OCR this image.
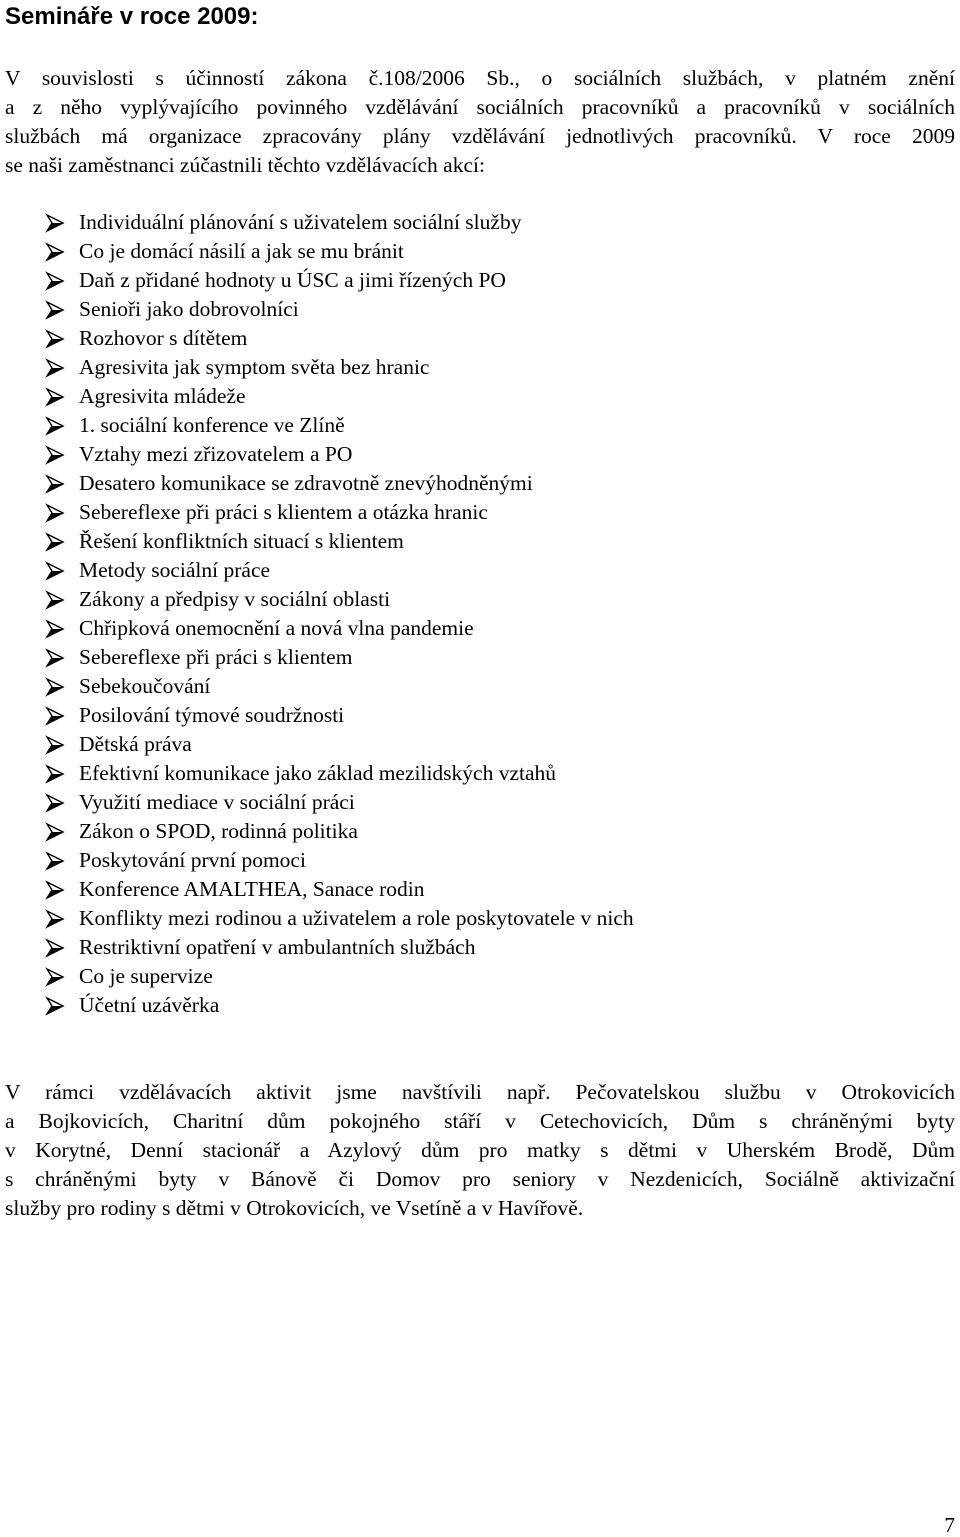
Semináře v roce 2009:

V souvislosti s účinností zákona č.108/2006 Sb., o sociálních službách, v platném znění
a z něho vyplývajícího povinného vzdělávání sociálních pracovníků a pracovníků v sociálních
službách má organizace zpracovány plány vzdělávání jednotlivých pracovníků. V roce 2009
se naši zaměstnanci zúčastnili těchto vzdělávacích akcí:

Individuální plánování s uživatelem sociální služby
Co je domácí násilí a jak se mu bránit
Daň z přidané hodnoty u ÚSC a jimi řízených PO
Senioři jako dobrovolníci
Rozhovor s dítětem
Agresivita jak symptom světa bez hranic
Agresivita mládeže
1. sociální konference ve Zlíně
Vztahy mezi zřizovatelem a PO
Desatero komunikace se zdravotně znevýhodněnými
Sebereflexe při práci s klientem a otázka hranic
Řešení konfliktních situací s klientem
Metody sociální práce
Zákony a předpisy v sociální oblasti
Chřipková onemocnění a nová vlna pandemie
Sebereflexe při práci s klientem
Sebekoučování
Posilování týmové soudržnosti
Dětská práva
Efektivní komunikace jako základ mezilidských vztahů
Využití mediace v sociální práci
Zákon o SPOD, rodinná politika
Poskytování první pomoci
Konference AMALTHEA, Sanace rodin
Konflikty mezi rodinou a uživatelem a role poskytovatele v nich
Restriktivní opatření v ambulantních službách
Co je supervize
Účetní uzávěrka

V rámci vzdělávacích aktivit jsme navštívili např. Pečovatelskou službu v Otrokovicích
a Bojkovicích, Charitní dům pokojného stáří v Cetechovicích, Dům s chráněnými byty
v Korytné, Denní stacionář a Azylový dům pro matky s dětmi v Uherském Brodě, Dům
s chráněnými byty v Bánově či Domov pro seniory v Nezdenicích, Sociálně aktivizační
služby pro rodiny s dětmi v Otrokovicích, ve Vsetíně a v Havířově.

7
